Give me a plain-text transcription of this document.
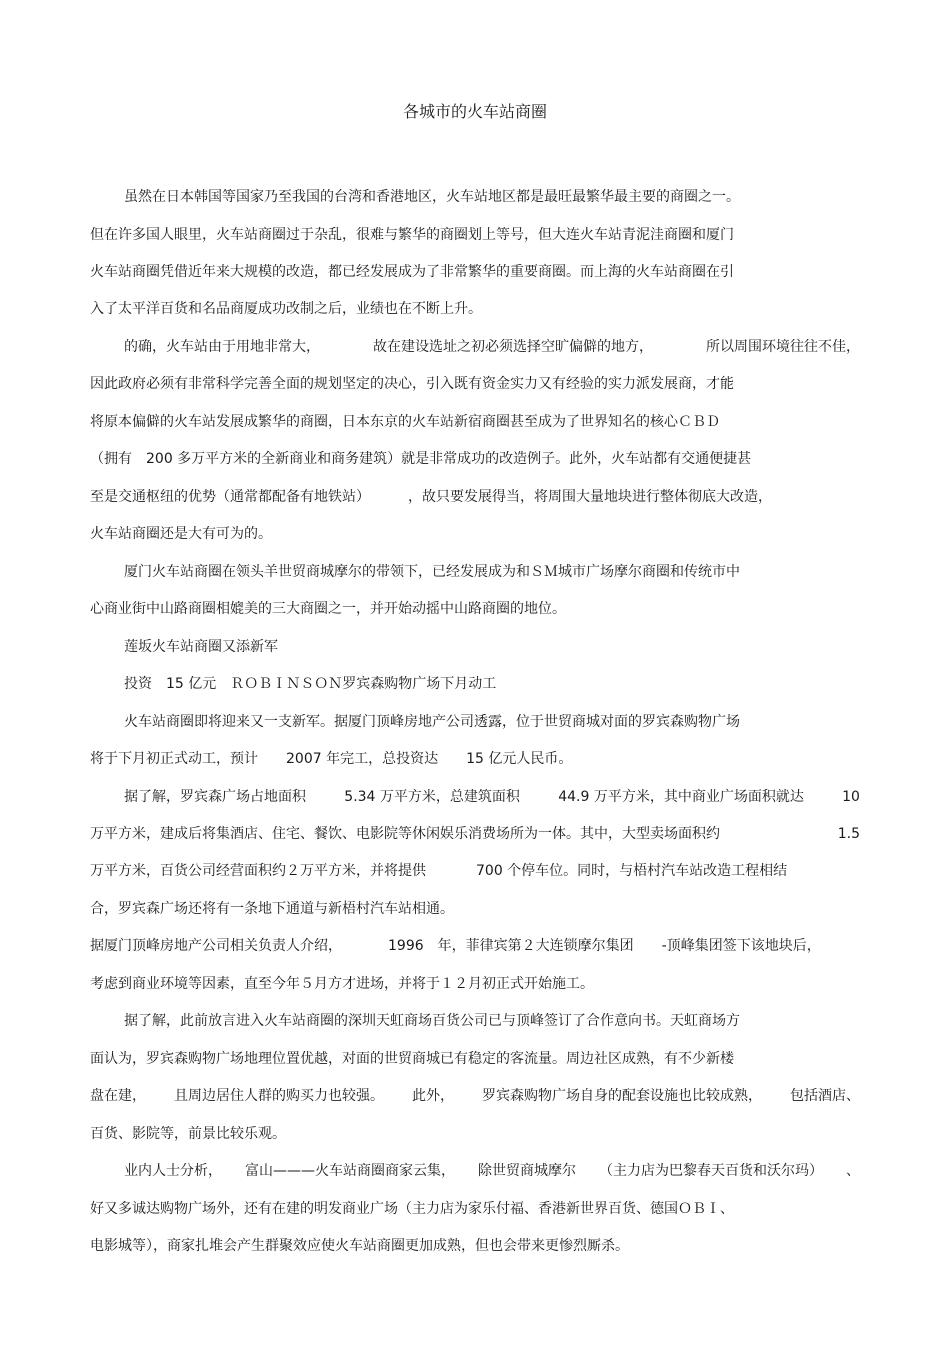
各城市的火车站商圈
虽然在日本韩国等国家乃至我国的台湾和香港地区，火车站地区都是最旺最繁华最主要的商圈之一。
但在许多国人眼里，火车站商圈过于杂乱，很难与繁华的商圈划上等号，但大连火车站青泥洼商圈和厦门
火车站商圈凭借近年来大规模的改造，都已经发展成为了非常繁华的重要商圈。而上海的火车站商圈在引
入了太平洋百货和名品商厦成功改制之后，业绩也在不断上升。
的确，火车站由于用地非常大，	故在建设选址之初必须选择空旷偏僻的地方，	所以周围环境往往不佳，
因此政府必须有非常科学完善全面的规划坚定的决心，引入既有资金实力又有经验的实力派发展商，才能
将原本偏僻的火车站发展成繁华的商圈，日本东京的火车站新宿商圈甚至成为了世界知名的核心ＣＢＤ
（拥有　200 多万平方米的全新商业和商务建筑）就是非常成功的改造例子。此外，火车站都有交通便捷甚
至是交通枢纽的优势（通常都配备有地铁站）	，故只要发展得当，将周围大量地块进行整体彻底大改造，
火车站商圈还是大有可为的。
厦门火车站商圈在领头羊世贸商城摩尔的带领下，已经发展成为和ＳＭ城市广场摩尔商圈和传统市中
心商业街中山路商圈相媲美的三大商圈之一，并开始动摇中山路商圈的地位。
莲坂火车站商圈又添新军
投资　15 亿元　ＲＯＢＩＮＳＯＮ罗宾森购物广场下月动工
火车站商圈即将迎来又一支新军。据厦门顶峰房地产公司透露，位于世贸商城对面的罗宾森购物广场
将于下月初正式动工，预计　　2007 年完工，总投资达　　15 亿元人民币。
据了解，罗宾森广场占地面积	5.34 万平方米，总建筑面积	44.9 万平方米，其中商业广场面积就达	10
万平方米，建成后将集酒店、住宅、餐饮、电影院等休闲娱乐消费场所为一体。其中，大型卖场面积约	1.5
万平方米，百货公司经营面积约２万平方米，并将提供	700 个停车位。同时，与梧村汽车站改造工程相结
合，罗宾森广场还将有一条地下通道与新梧村汽车站相通。
据厦门顶峰房地产公司相关负责人介绍，	1996　年，菲律宾第２大连锁摩尔集团 -顶峰集团签下该地块后，
考虑到商业环境等因素，直至今年５月方才进场，并将于１２月初正式开始施工。
据了解，此前放言进入火车站商圈的深圳天虹商场百货公司已与顶峰签订了合作意向书。天虹商场方
面认为，罗宾森购物广场地理位置优越，对面的世贸商城已有稳定的客流量。周边社区成熟，有不少新楼
盘在建， 且周边居住人群的购买力也较强。 此外， 罗宾森购物广场自身的配套设施也比较成熟， 包括酒店、
百货、影院等，前景比较乐观。
业内人士分析， 富山———火车站商圈商家云集， 除世贸商城摩尔 （主力店为巴黎春天百货和沃尔玛） 、
好又多诚达购物广场外，还有在建的明发商业广场（主力店为家乐付福、香港新世界百货、德国ＯＢＩ、
电影城等），商家扎堆会产生群聚效应使火车站商圈更加成熟，但也会带来更惨烈厮杀。
